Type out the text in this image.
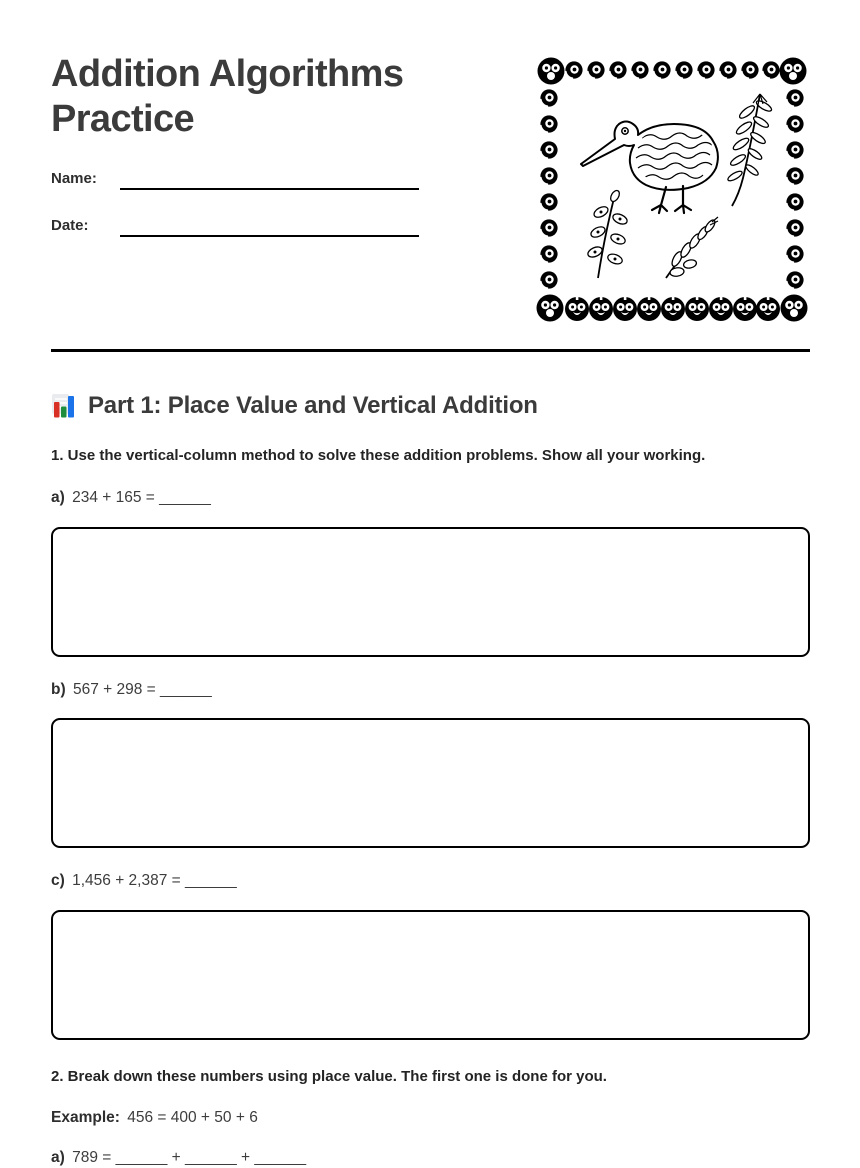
Addition Algorithms Practice
Name:
Date:
Part 1: Place Value and Vertical Addition

1. Use the vertical-column method to solve these addition problems. Show all your working.

a) 234 + 165 = ______

b) 567 + 298 = ______

c) 1,456 + 2,387 = ______

2. Break down these numbers using place value. The first one is done for you.

Example: 456 = 400 + 50 + 6

a) 789 = ______ + ______ + ______
